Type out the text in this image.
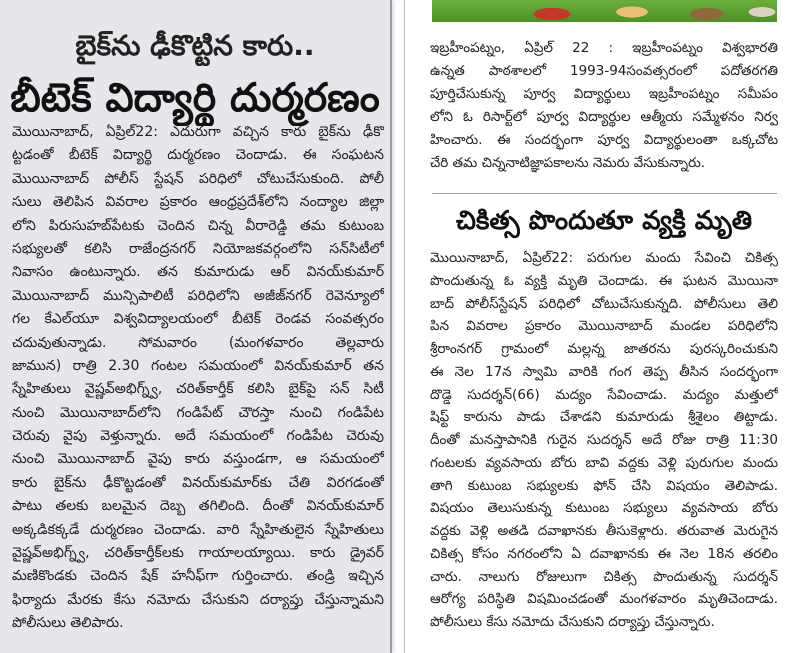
బైక్‌ను ఢీకొట్టిన కారు..
బీటెక్ విద్యార్థి దుర్మరణం
మొయినాబాద్, ఏప్రిల్22: ఎదురుగా వచ్చిన కారు బైక్‌ను ఢీకొ
ట్టడంతో బీటెక్ విద్యార్థి దుర్మరణం చెందాడు. ఈ సంఘటన
మొయినాబాద్ పోలీస్ స్టేషన్ పరిధిలో చోటుచేసుకుంది. పోలీ
సులు తెలిపిన వివరాల ప్రకారం ఆంధ్రప్రదేశ్‌లోని నంద్యాల జిల్లా
లోని పిరుసుహబ్‌పేటకు చెందిన చిన్న వీరారెడ్డి తమ కుటుంబ
సభ్యులతో కలిసి రాజేంద్రనగర్ నియోజకవర్గంలోని సన్‌సిటీలో
నివాసం ఉంటున్నారు. తన కుమారుడు ఆర్ వినయ్‌కుమార్
మొయినాబాద్ మున్సిపాలిటీ పరిధిలోని అజీజ్‌నగర్ రెవెన్యూలో
గల కేఎల్‌యూ విశ్వవిద్యాలయంలో బీటెక్ రెండవ సంవత్సరం
చదువుతున్నాడు. సోమవారం (మంగళవారం తెల్లవారు
జామున) రాత్రి 2.30 గంటల సమయంలో వినయ్‌కుమార్ తన
స్నేహితులు వైష్ణవ్‌అభిగ్న్వ్, చరిత్‌కార్తీక్ కలిసి బైక్‌పై సన్ సిటీ
నుంచి మొయినాబాద్‌లోని గండిపేట్ చౌరస్తా నుంచి గండిపేట
చెరువు వైపు వెళ్తున్నారు. అదే సమయంలో గండిపేట చెరువు
నుంచి మొయినాబాద్ వైపు కారు వస్తుండగా, ఆ సమయంలో
కారు బైక్‌ను ఢీకొట్టడంతో వినయ్‌కుమార్‌కు చేతి విరగడంతో
పాటు తలకు బలమైన దెబ్బ తగిలింది. దీంతో వినయ్‌కుమార్
అక్కడికక్కడే దుర్మరణం చెందాడు. వారి స్నేహితులైన స్నేహితులు
వైష్ణవ్‌అభిగ్న్వ్, చరిత్‌కార్తీక్‌లకు గాయాలయ్యాయి. కారు డ్రైవర్
మణికొండకు చెందిన షేక్ హనీఫ్‌గా గుర్తించారు. తండ్రి ఇచ్చిన
ఫిర్యాదు మేరకు కేసు నమోదు చేసుకుని దర్యాప్తు చేస్తున్నామని
పోలీసులు తెలిపారు.
ఇబ్రహీంపట్నం, ఏప్రిల్ 22 : ఇబ్రహీంపట్నం విశ్వభారతి
ఉన్నత పాఠశాలలో 1993-94సంవత్సరంలో పదోతరగతి
పూర్తిచేసుకున్న పూర్వ విద్యార్థులు ఇబ్రహీంపట్నం సమీపం
లోని ఓ రిసార్ట్‌లో పూర్వ విద్యార్థుల ఆత్మీయ సమ్మేళనం నిర్వ
హించారు. ఈ సందర్భంగా పూర్వ విద్యార్థులంతా ఒక్కచోట
చేరి తమ చిన్ననాటిజ్ఞాపకాలను నెమరు వేసుకున్నారు.
చికిత్స పొందుతూ వ్యక్తి మృతి
మొయినాబాద్, ఏప్రిల్22: పరుగుల మందు సేవించి చికిత్స
పొందుతున్న ఓ వ్యక్తి మృతి చెందాడు. ఈ ఘటన మొయినా
బాద్ పోలీస్‌స్టేషన్ పరిధిలో చోటుచేసుకున్నది. పోలీసులు తెలి
పిన వివరాల ప్రకారం మొయినాబాద్ మండల పరిధిలోని
శ్రీరాంనగర్ గ్రామంలో మల్లన్న జాతరను పురస్కరించుకుని
ఈ నెల 17న స్వామి వారికి గంగ తెప్ప తీసిన సందర్భంగా
దొడ్డె సుదర్శన్(66) మద్యం సేవించాడు. మద్యం మత్తులో
షిఫ్ట్ కారును పాడు చేశాడని కుమారుడు శ్రీశైలం తిట్టాడు.
దీంతో మనస్తాపానికి గురైన సుదర్శన్ అదే రోజు రాత్రి 11:30
గంటలకు వ్యవసాయ బోరు బావి వద్దకు వెళ్లి పురుగుల మందు
తాగి కుటుంబ సభ్యులకు ఫోన్ చేసి విషయం తెలిపాడు.
విషయం తెలుసుకున్న కుటుంబ సభ్యులు వ్యవసాయ బోరు
వద్దకు వెళ్లి అతడి దవాఖానకు తీసుకెళ్లారు. తరువాత మెరుగైన
చికిత్స కోసం నగరంలోని ఏ దవాఖానకు ఈ నెల 18న తరలిం
చారు. నాలుగు రోజులుగా చికిత్స పొందుతున్న సుదర్శన్
ఆరోగ్య పరిస్థితి విషమించడంతో మంగళవారం మృతిచెందాడు.
పోలీసులు కేసు నమోదు చేసుకుని దర్యాప్తు చేస్తున్నారు.
